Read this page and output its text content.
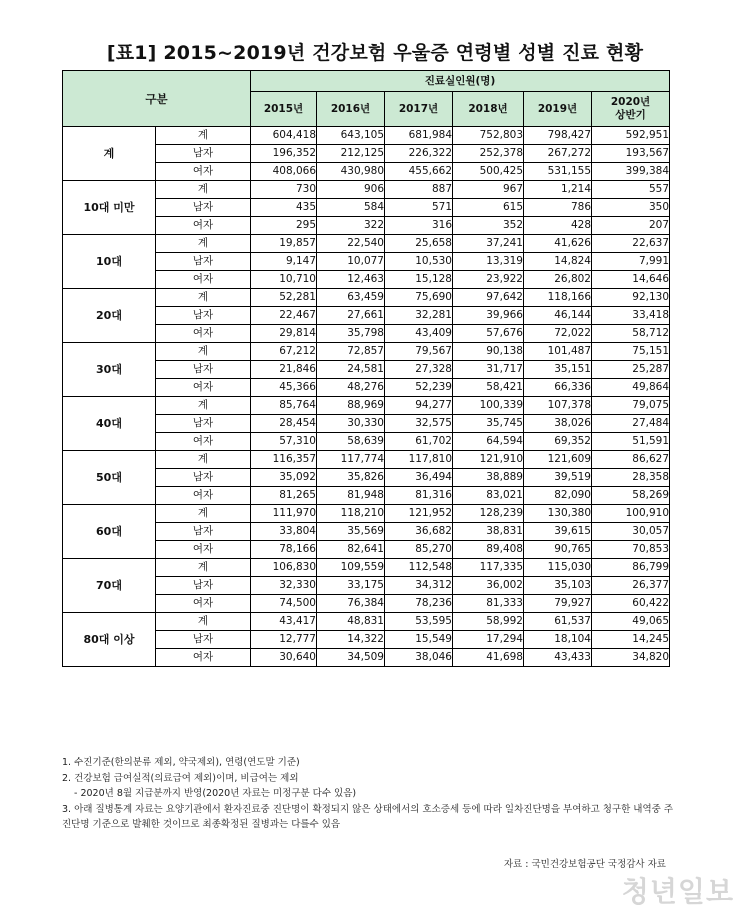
[표1] 2015~2019년 건강보험 우울증 연령별 성별 진료 현황
구분		진료실인원(명)					
		2015년	2016년	2017년	2018년	2019년	2020년
상반기

계	계	604,418	643,105	681,984	752,803	798,427	592,951
	남자	196,352	212,125	226,322	252,378	267,272	193,567
	여자	408,066	430,980	455,662	500,425	531,155	399,384
10대 미만	계	730	906	887	967	1,214	557
	남자	435	584	571	615	786	350
	여자	295	322	316	352	428	207
10대	계	19,857	22,540	25,658	37,241	41,626	22,637
	남자	9,147	10,077	10,530	13,319	14,824	7,991
	여자	10,710	12,463	15,128	23,922	26,802	14,646
20대	계	52,281	63,459	75,690	97,642	118,166	92,130
	남자	22,467	27,661	32,281	39,966	46,144	33,418
	여자	29,814	35,798	43,409	57,676	72,022	58,712
30대	계	67,212	72,857	79,567	90,138	101,487	75,151
	남자	21,846	24,581	27,328	31,717	35,151	25,287
	여자	45,366	48,276	52,239	58,421	66,336	49,864
40대	계	85,764	88,969	94,277	100,339	107,378	79,075
	남자	28,454	30,330	32,575	35,745	38,026	27,484
	여자	57,310	58,639	61,702	64,594	69,352	51,591
50대	계	116,357	117,774	117,810	121,910	121,609	86,627
	남자	35,092	35,826	36,494	38,889	39,519	28,358
	여자	81,265	81,948	81,316	83,021	82,090	58,269
60대	계	111,970	118,210	121,952	128,239	130,380	100,910
	남자	33,804	35,569	36,682	38,831	39,615	30,057
	여자	78,166	82,641	85,270	89,408	90,765	70,853
70대	계	106,830	109,559	112,548	117,335	115,030	86,799
	남자	32,330	33,175	34,312	36,002	35,103	26,377
	여자	74,500	76,384	78,236	81,333	79,927	60,422
80대 이상	계	43,417	48,831	53,595	58,992	61,537	49,065
	남자	12,777	14,322	15,549	17,294	18,104	14,245
	여자	30,640	34,509	38,046	41,698	43,433	34,820
1. 수진기준(한의분류 제외, 약국제외), 연령(연도말 기준)
2. 건강보험 급여실적(의료급여 제외)이며, 비급여는 제외
- 2020년 8월 지급분까지 반영(2020년 자료는 미정구분 다수 있음)
3. 아래 질병통계 자료는 요양기관에서 환자진료중 진단명이 확정되지 않은 상태에서의 호소증세 등에 따라 일차진단명을 부여하고 청구한 내역중 주진단명 기준으로 발췌한 것이므로 최종확정된 질병과는 다를수 있음
자료 : 국민건강보험공단 국정감사 자료
청년일보
